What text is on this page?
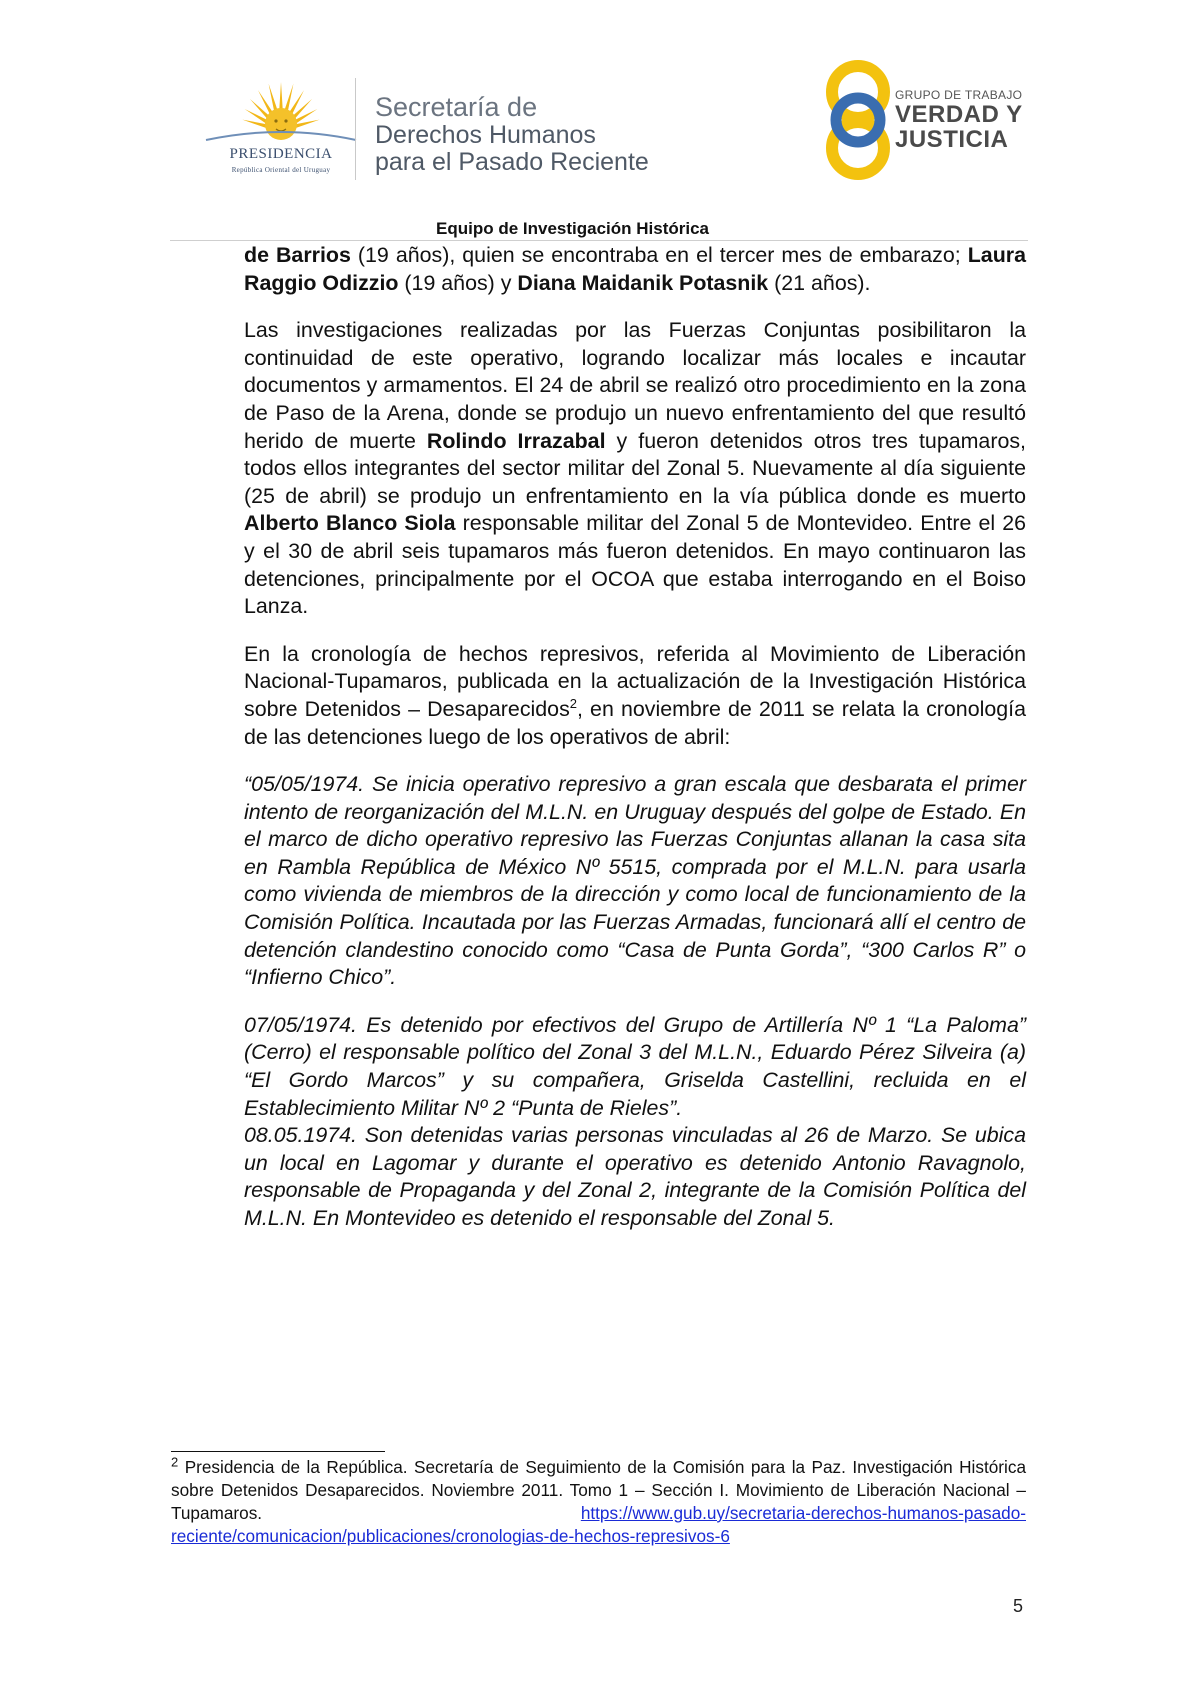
PRESIDENCIA
República Oriental del Uruguay
Secretaría de
Derechos Humanos
para el Pasado Reciente
GRUPO DE TRABAJO
VERDAD Y
JUSTICIA
Equipo de Investigación Histórica

de Barrios (19 años), quien se encontraba en el tercer mes de embarazo; Laura Raggio Odizzio (19 años) y Diana Maidanik Potasnik (21 años).

Las investigaciones realizadas por las Fuerzas Conjuntas posibilitaron la continuidad de este operativo, logrando localizar más locales e incautar documentos y armamentos. El 24 de abril se realizó otro procedimiento en la zona de Paso de la Arena, donde se produjo un nuevo enfrentamiento del que resultó herido de muerte Rolindo Irrazabal y fueron detenidos otros tres tupamaros, todos ellos integrantes del sector militar del Zonal 5. Nuevamente al día siguiente (25 de abril) se produjo un enfrentamiento en la vía pública donde es muerto Alberto Blanco Siola responsable militar del Zonal 5 de Montevideo. Entre el 26 y el 30 de abril seis tupamaros más fueron detenidos. En mayo continuaron las detenciones, principalmente por el OCOA que estaba interrogando en el Boiso Lanza.

En la cronología de hechos represivos, referida al Movimiento de Liberación Nacional-Tupamaros, publicada en la actualización de la Investigación Histórica sobre Detenidos – Desaparecidos$^2$, en noviembre de 2011 se relata la cronología de las detenciones luego de los operativos de abril:

“05/05/1974. Se inicia operativo represivo a gran escala que desbarata el primer intento de reorganización del M.L.N. en Uruguay después del golpe de Estado. En el marco de dicho operativo represivo las Fuerzas Conjuntas allanan la casa sita en Rambla República de México Nº 5515, comprada por el M.L.N. para usarla como vivienda de miembros de la dirección y como local de funcionamiento de la Comisión Política. Incautada por las Fuerzas Armadas, funcionará allí el centro de detención clandestino conocido como “Casa de Punta Gorda”, “300 Carlos R” o “Infierno Chico”.

07/05/1974. Es detenido por efectivos del Grupo de Artillería Nº 1 “La Paloma” (Cerro) el responsable político del Zonal 3 del M.L.N., Eduardo Pérez Silveira (a) “El Gordo Marcos” y su compañera, Griselda Castellini, recluida en el Establecimiento Militar Nº 2 “Punta de Rieles”.

08.05.1974. Son detenidas varias personas vinculadas al 26 de Marzo. Se ubica un local en Lagomar y durante el operativo es detenido Antonio Ravagnolo, responsable de Propaganda y del Zonal 2, integrante de la Comisión Política del M.L.N. En Montevideo es detenido el responsable del Zonal 5.

$^2$ Presidencia de la República. Secretaría de Seguimiento de la Comisión para la Paz. Investigación Histórica sobre Detenidos Desaparecidos. Noviembre 2011. Tomo 1 – Sección I. Movimiento de Liberación Nacional –Tupamaros. https://www.gub.uy/secretaria-derechos-humanos-pasado-reciente/comunicacion/publicaciones/cronologias-de-hechos-represivos-6
5
